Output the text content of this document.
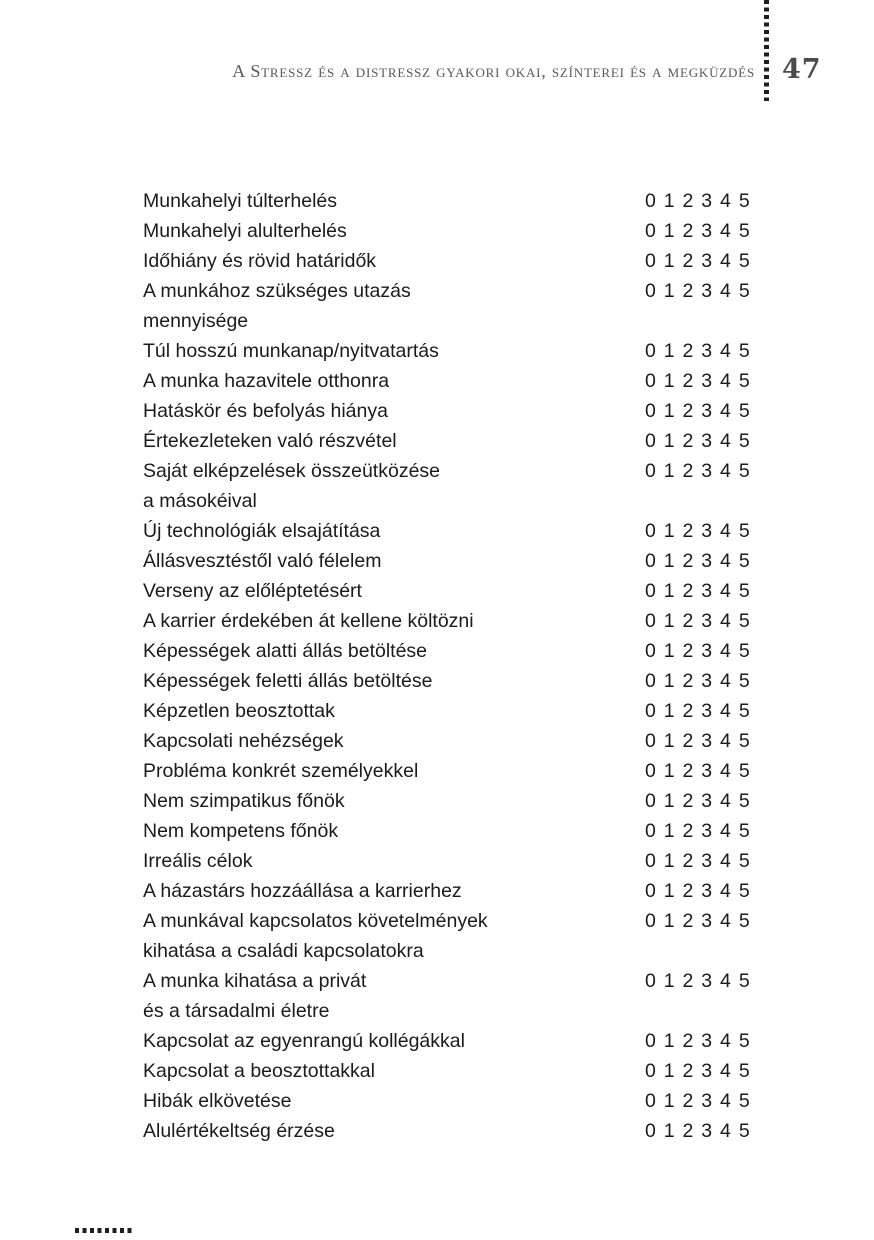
A Stressz és a distressz gyakori okai, színterei és a megküzdés 47
Munkahelyi túlterhelés	0 1 2 3 4 5
Munkahelyi alulterhelés	0 1 2 3 4 5
Időhiány és rövid határidők	0 1 2 3 4 5
A munkához szükséges utazás	0 1 2 3 4 5
mennyisége
Túl hosszú munkanap/nyitvatartás	0 1 2 3 4 5
A munka hazavitele otthonra	0 1 2 3 4 5
Hatáskör és befolyás hiánya	0 1 2 3 4 5
Értekezleteken való részvétel	0 1 2 3 4 5
Saját elképzelések összeütközése	0 1 2 3 4 5
a másokéival
Új technológiák elsajátítása	0 1 2 3 4 5
Állásvesztéstől való félelem	0 1 2 3 4 5
Verseny az előléptetésért	0 1 2 3 4 5
A karrier érdekében át kellene költözni	0 1 2 3 4 5
Képességek alatti állás betöltése	0 1 2 3 4 5
Képességek feletti állás betöltése	0 1 2 3 4 5
Képzetlen beosztottak	0 1 2 3 4 5
Kapcsolati nehézségek	0 1 2 3 4 5
Probléma konkrét személyekkel	0 1 2 3 4 5
Nem szimpatikus főnök	0 1 2 3 4 5
Nem kompetens főnök	0 1 2 3 4 5
Irreális célok	0 1 2 3 4 5
A házastárs hozzáállása a karrierhez	0 1 2 3 4 5
A munkával kapcsolatos követelmények	0 1 2 3 4 5
kihatása a családi kapcsolatokra
A munka kihatása a privát	0 1 2 3 4 5
és a társadalmi életre
Kapcsolat az egyenrangú kollégákkal	0 1 2 3 4 5
Kapcsolat a beosztottakkal	0 1 2 3 4 5
Hibák elkövetése	0 1 2 3 4 5
Alulértékeltség érzése	0 1 2 3 4 5
